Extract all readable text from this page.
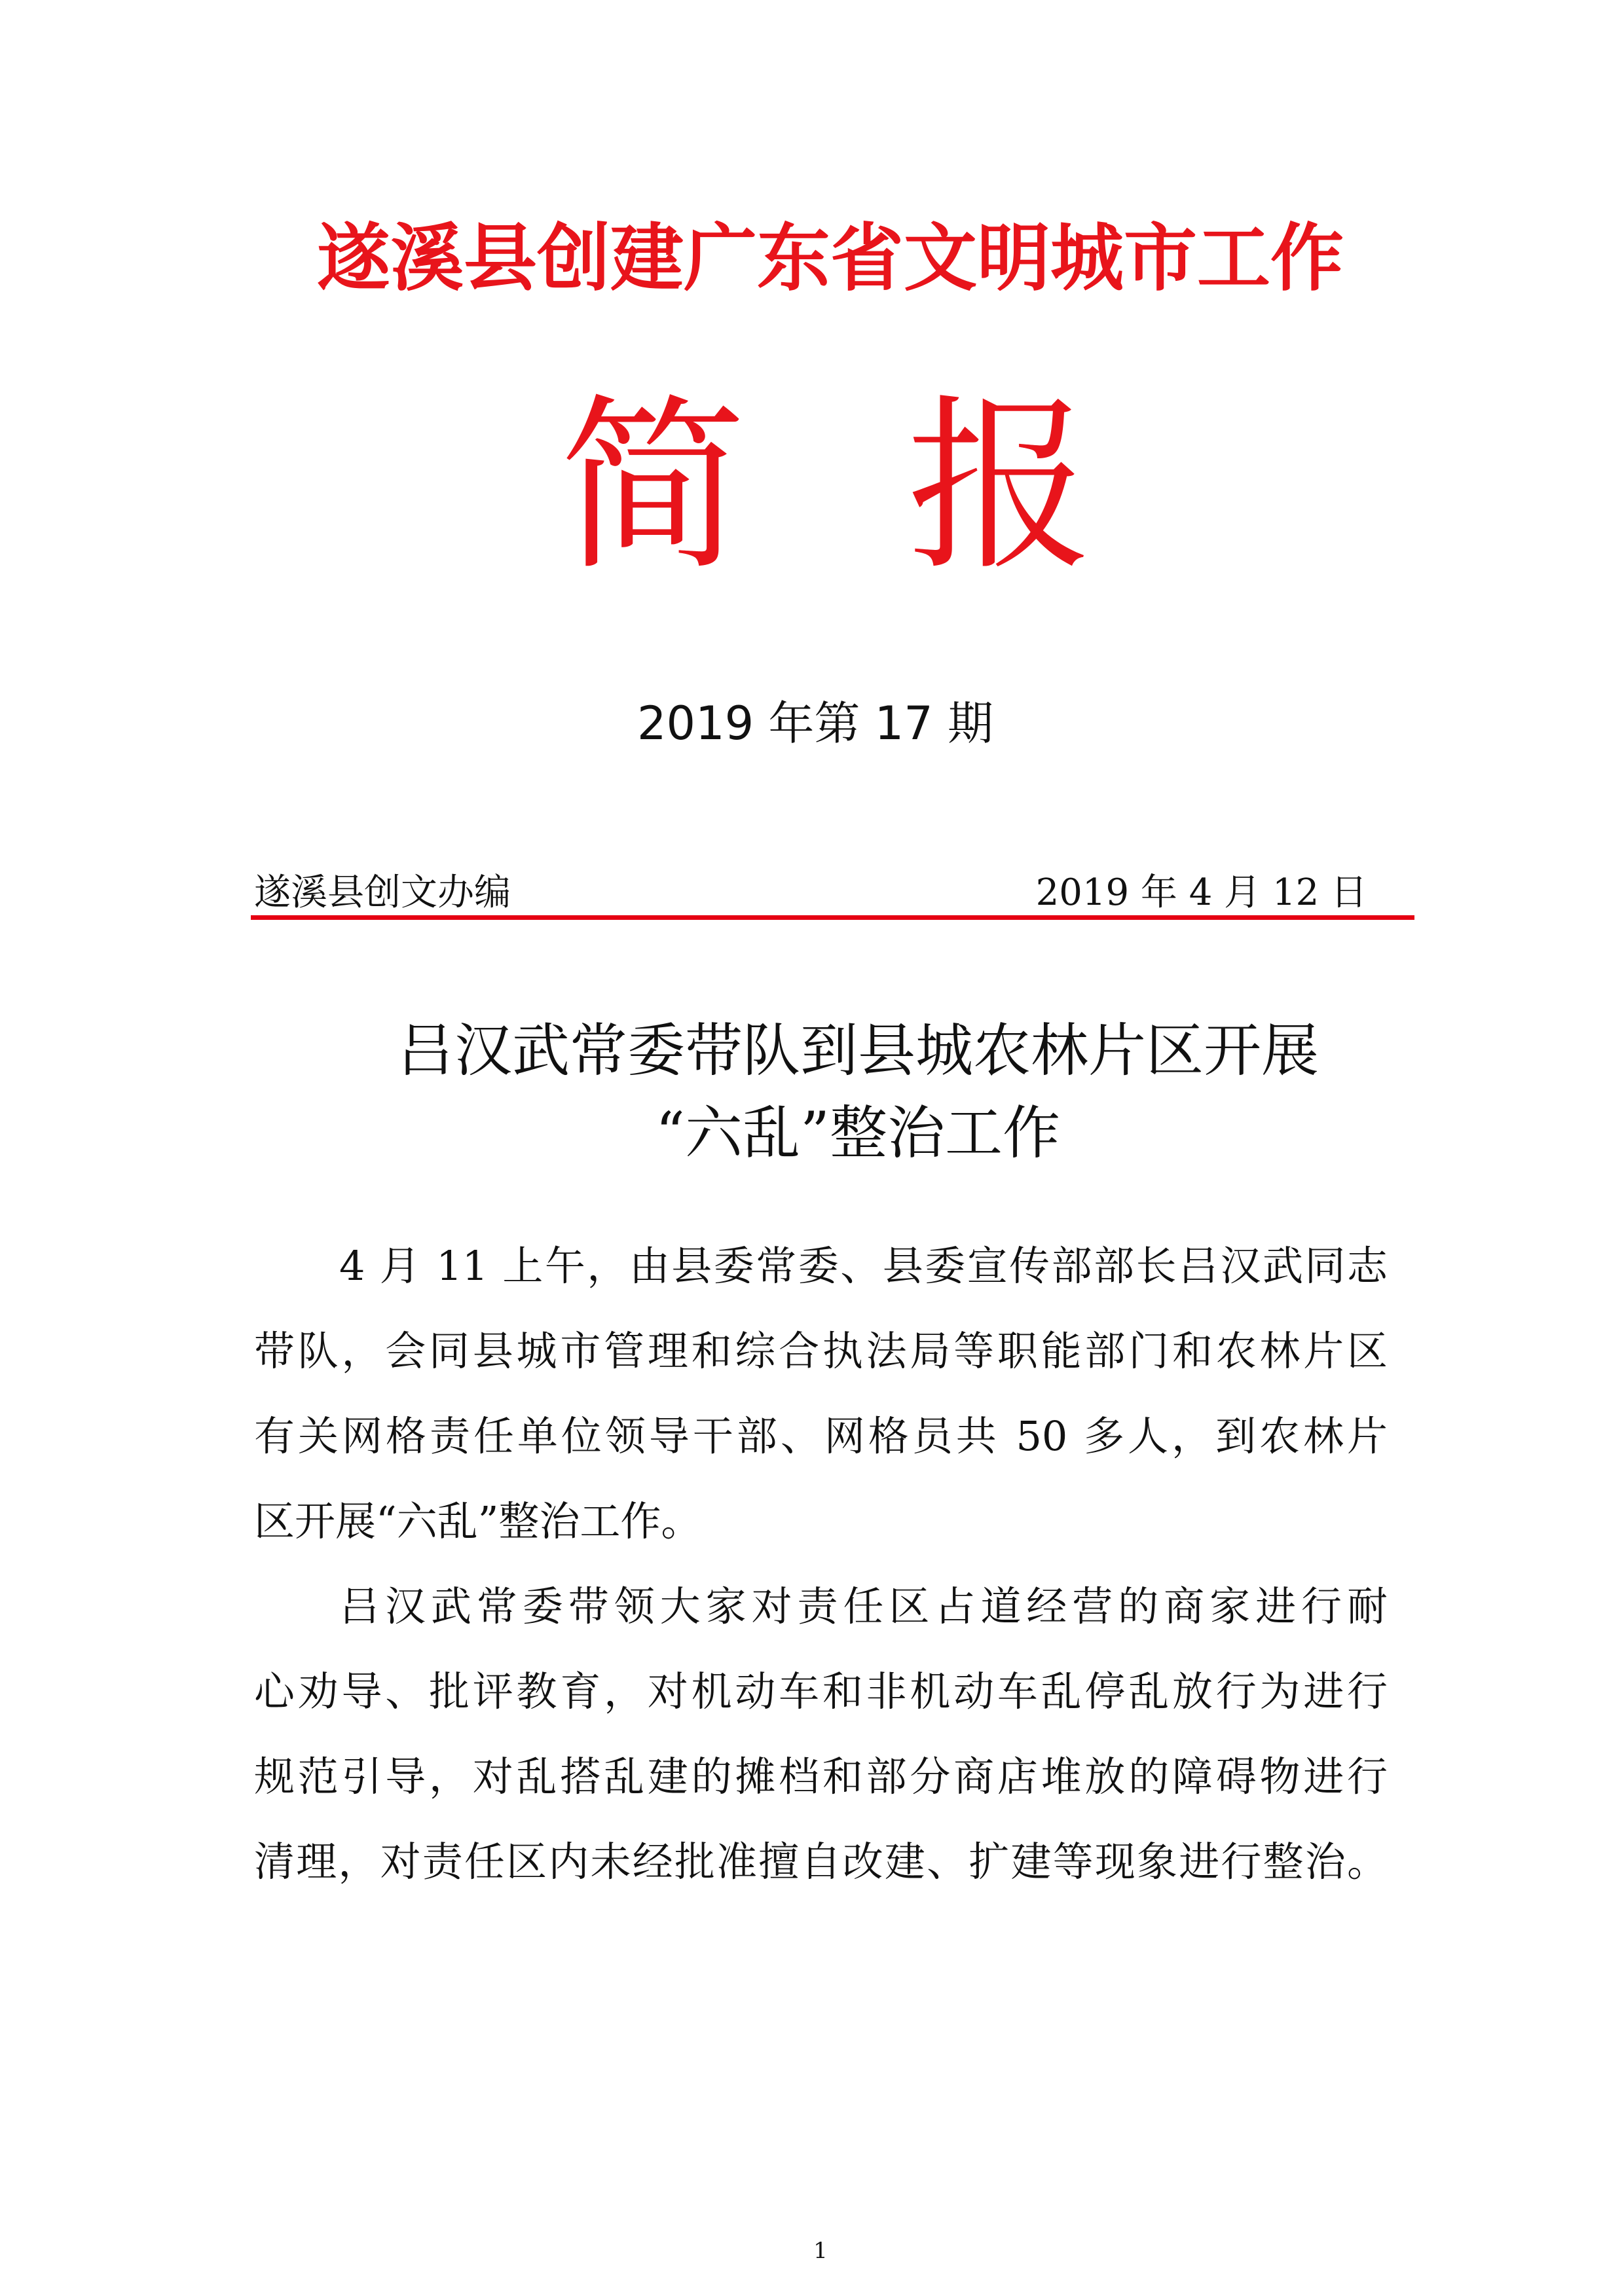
遂溪县创建广东省文明城市工作
简 报
2019 年第 17 期
遂溪县创文办编	2019 年 4 月 12 日
吕汉武常委带队到县城农林片区开展
“六乱”整治工作
4 月 11 上午，由县委常委、县委宣传部部长吕汉武同志
带队，会同县城市管理和综合执法局等职能部门和农林片区
有关网格责任单位领导干部、网格员共 50 多人，到农林片
区开展“六乱”整治工作。
吕汉武常委带领大家对责任区占道经营的商家进行耐
心劝导、批评教育，对机动车和非机动车乱停乱放行为进行
规范引导，对乱搭乱建的摊档和部分商店堆放的障碍物进行
清理，对责任区内未经批准擅自改建、扩建等现象进行整治。
1
